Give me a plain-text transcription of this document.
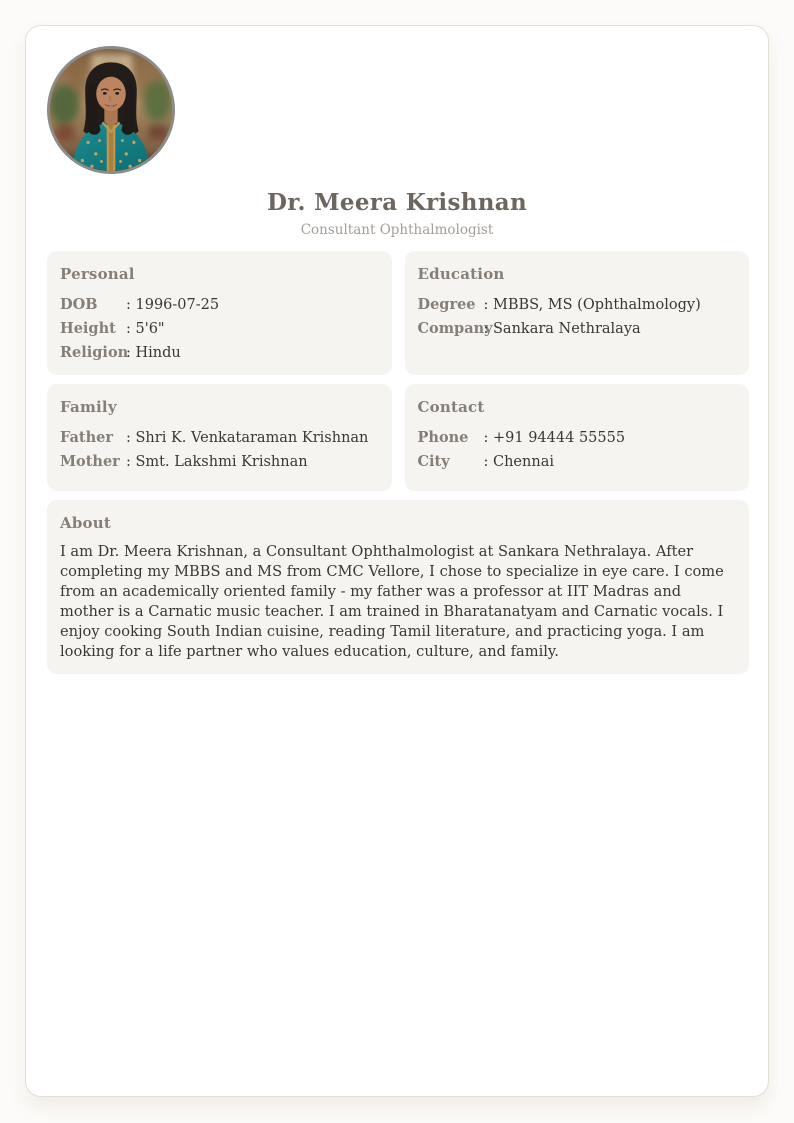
Dr. Meera Krishnan
Consultant Ophthalmologist
Personal
DOB	: 1996-07-25
Height	: 5'6"
Religion : Hindu
Education
Degree	: MBBS, MS (Ophthalmology)
Company : Sankara Nethralaya
Family
Father	: Shri K. Venkataraman Krishnan
Mother	: Smt. Lakshmi Krishnan
Contact
Phone	: +91 94444 55555
City	: Chennai
About

I am Dr. Meera Krishnan, a Consultant Ophthalmologist at Sankara Nethralaya. After completing my MBBS and MS from CMC Vellore, I chose to specialize in eye care. I come from an academically oriented family - my father was a professor at IIT Madras and mother is a Carnatic music teacher. I am trained in Bharatanatyam and Carnatic vocals. I enjoy cooking South Indian cuisine, reading Tamil literature, and practicing yoga. I am looking for a life partner who values education, culture, and family.
